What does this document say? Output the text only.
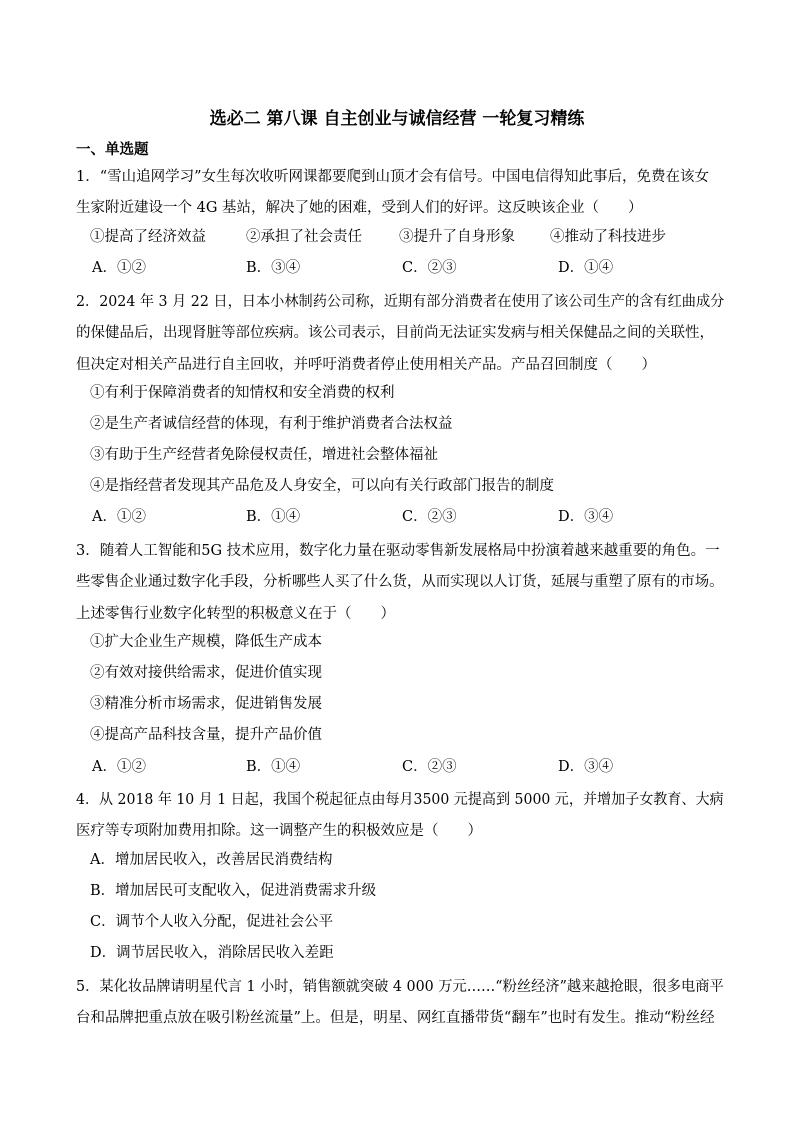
选必二 第八课 自主创业与诚信经营 一轮复习精练
一、单选题
1．“雪山追网学习”女生每次收听网课都要爬到山顶才会有信号。中国电信得知此事后，免费在该女
生家附近建设一个 4G 基站，解决了她的困难，受到人们的好评。这反映该企业（　　）
①提高了经济效益	②承担了社会责任	③提升了自身形象 ④推动了科技进步
A．①②	B．③④	C．②③	D．①④
2．2024 年 3 月 22 日，日本小林制药公司称，近期有部分消费者在使用了该公司生产的含有红曲成分
的保健品后，出现肾脏等部位疾病。该公司表示，目前尚无法证实发病与相关保健品之间的关联性，
但决定对相关产品进行自主回收，并呼吁消费者停止使用相关产品。产品召回制度（　　）
①有利于保障消费者的知情权和安全消费的权利
②是生产者诚信经营的体现，有利于维护消费者合法权益
③有助于生产经营者免除侵权责任，增进社会整体福祉
④是指经营者发现其产品危及人身安全，可以向有关行政部门报告的制度
A．①②	B．①④	C．②③	D．③④
3．随着人工智能和5G 技术应用，数字化力量在驱动零售新发展格局中扮演着越来越重要的角色。一
些零售企业通过数字化手段，分析哪些人买了什么货，从而实现以人订货，延展与重塑了原有的市场。
上述零售行业数字化转型的积极意义在于（　　）
①扩大企业生产规模，降低生产成本
②有效对接供给需求，促进价值实现
③精准分析市场需求，促进销售发展
④提高产品科技含量，提升产品价值
A．①②	B．①④	C．②③	D．③④
4．从 2018 年 10 月 1 日起，我国个税起征点由每月3500 元提高到 5000 元，并增加子女教育、大病
医疗等专项附加费用扣除。这一调整产生的积极效应是（　　）
A．增加居民收入，改善居民消费结构
B．增加居民可支配收入，促进消费需求升级
C．调节个人收入分配，促进社会公平
D．调节居民收入，消除居民收入差距
5．某化妆品牌请明星代言 1 小时，销售额就突破 4 000 万元……“粉丝经济”越来越抢眼，很多电商平
台和品牌把重点放在吸引粉丝流量”上。但是，明星、网红直播带货“翻车”也时有发生。推动“粉丝经
